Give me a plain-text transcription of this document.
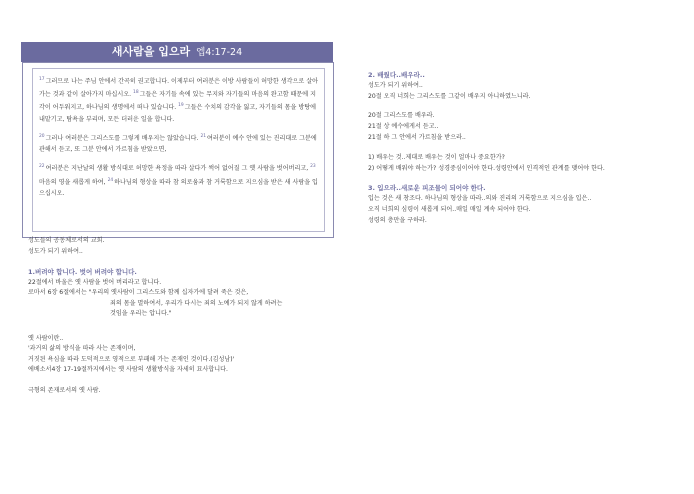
새사람을 입으라 엡4:17-24

$^{17}$그러므로 나는 주님 안에서 간곡히 권고합니다. 이제부터 여러분은 이방 사람들이 허망한 생각으로 살아가는 것과 같이 살아가지 마십시오. $^{18}$그들은 자기들 속에 있는 무지와 자기들의 마음의 완고함 때문에 지각이 어두워지고, 하나님의 생명에서 떠나 있습니다. $^{19}$그들은 수치의 감각을 잃고, 자기들의 몸을 방탕에 내맡기고, 탐욕을 부리며, 모든 더러운 일을 합니다.

$^{20}$그러나 여러분은 그리스도를 그렇게 배우지는 않았습니다. $^{21}$여러분이 예수 안에 있는 진리대로 그분에 관해서 듣고, 또 그분 안에서 가르침을 받았으면,

$^{22}$여러분은 지난날의 생활 방식대로 허망한 욕정을 따라 살다가 썩어 없어질 그 옛 사람을 벗어버리고, $^{23}$마음의 영을 새롭게 하여, $^{24}$하나님의 형상을 따라 참 의로움과 참 거룩함으로 지으심을 받은 새 사람을 입으십시오.

성도들의 공동체로서의 교회.
성도가 되기 위하여..
1.버려야 합니다. 벗어 버려야 합니다.
22절에서 바울은 옛 사람을 벗어 버리라고 합니다.
로마서 6장 6절에서는 "우리의 옛사람이 그리스도와 함께 십자가에 달려 죽은 것은,
죄의 몸을 멸하여서, 우리가 다시는 죄의 노예가 되지 않게 하려는
것임을 우리는 압니다."
옛 사람이란..
'과거의 삶의 방식을 따라 사는 존재이며,
거짓된 욕심을 따라 도덕적으로 영적으로 부패해 가는 존재인 것이다.(김성남)'
에베소서4장 17-19절까지에서는 옛 사람의 생활방식을 자세히 묘사합니다.
극형의 존재로서의 옛 사람.
2. 배웠다..배우라..
성도가 되기 위하여..
20절 오직 너희는 그리스도를 그같이 배우지 아니하였느니라.
20절 그리스도를 배우라.
21절 상 예수에게서 듣고..
21절 하 그 안에서 가르침을 받으라..
1) 배우는 것..제대로 배우는 것이 얼마나 중요한가?
2) 어떻게 배워야 하는가? 성경중심이어야 한다.성령안에서 인격적인 관계를 맺어야 한다.
3. 입으라..새로운 피조물이 되어야 한다.
입는 것은 새 창조다. 하나님의 형상을 따라..의와 진리의 거룩함으로 지으심을 입은..
오직 너희의 심령이 새롭게 되어..매일 매일 계속 되어야 한다.
성령의 충만을 구하라.
